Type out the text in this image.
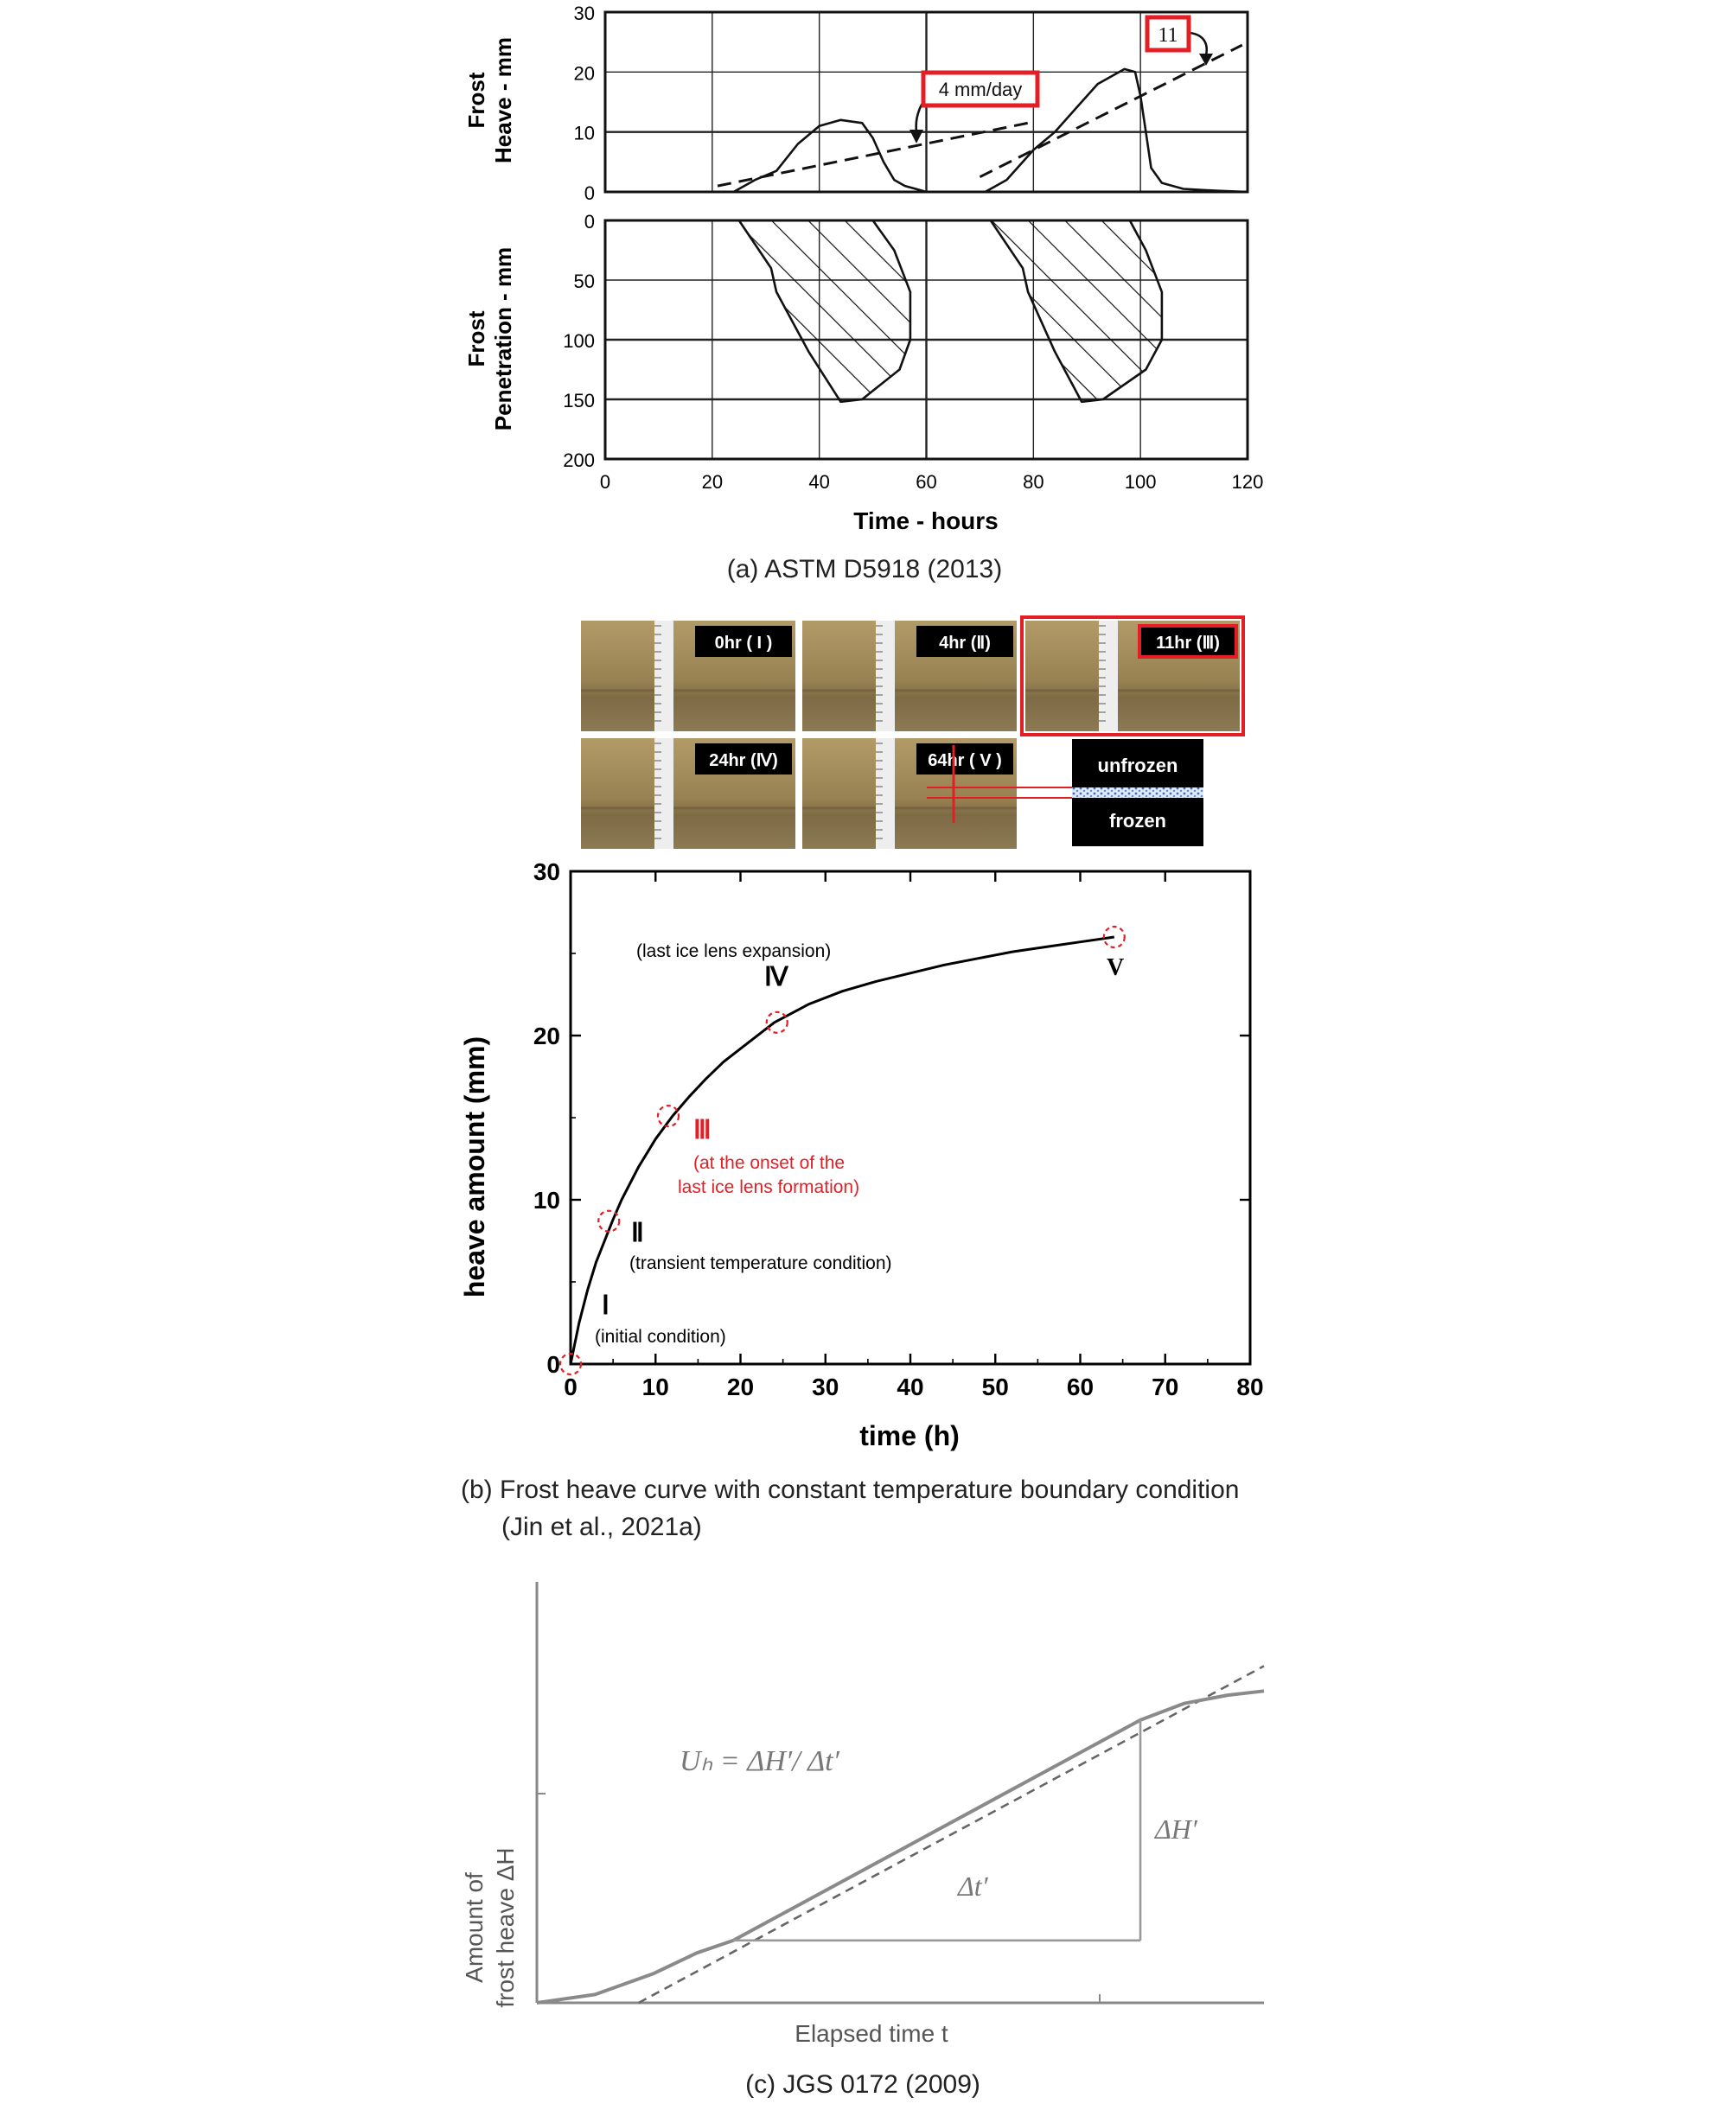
30
20
10
0
0
50
100
150
200
0	20	40	60	80	100	120
Frost Heave - mm
Frost Penetration - mm
Time - hours
4 mm/day
11
(a) ASTM D5918 (2013)
0hr ( I )	4hr (Ⅱ)	11hr (Ⅲ)
24hr (Ⅳ)	64hr ( V )	unfrozen
frozen
0	10 20 30 40 50 60 70 80
0
10
20
30
heave amount (mm)
time (h)
Ⅰ
(initial condition)
Ⅱ
(transient temperature condition)
Ⅲ
(at the onset of the
last ice lens formation)
Ⅳ
(last ice lens expansion)
V
(b) Frost heave curve with constant temperature boundary condition
(Jin et al., 2021a)
Amount of frost heave ΔH
Elapsed time t
Uₕ = ΔH′/ Δt′
Δt′
ΔH′
(c) JGS 0172 (2009)
